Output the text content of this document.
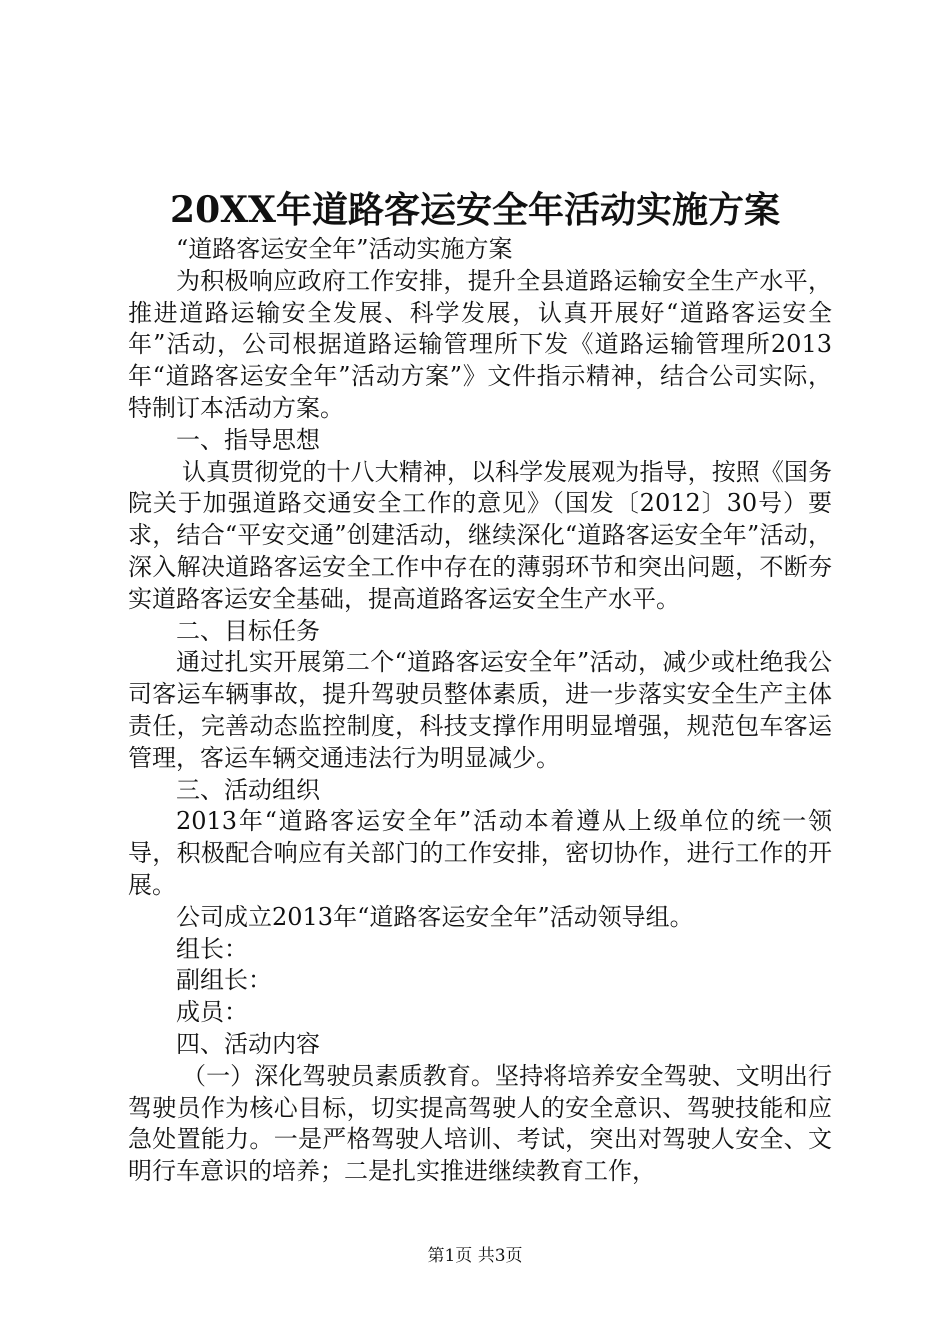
20XX年道路客运安全年活动实施方案

“道路客运安全年”活动实施方案

为积极响应政府工作安排，提升全县道路运输安全生产水平，推进道路运输安全发展、科学发展，认真开展好“道路客运安全年”活动，公司根据道路运输管理所下发《道路运输管理所2013年“道路客运安全年”活动方案”》文件指示精神，结合公司实际，特制订本活动方案。

一、指导思想

认真贯彻党的十八大精神，以科学发展观为指导，按照《国务院关于加强道路交通安全工作的意见》（国发〔2012〕30号）要求，结合“平安交通”创建活动，继续深化“道路客运安全年”活动，深入解决道路客运安全工作中存在的薄弱环节和突出问题，不断夯实道路客运安全基础，提高道路客运安全生产水平。

二、目标任务

通过扎实开展第二个“道路客运安全年”活动，减少或杜绝我公司客运车辆事故，提升驾驶员整体素质，进一步落实安全生产主体责任，完善动态监控制度，科技支撑作用明显增强，规范包车客运管理，客运车辆交通违法行为明显减少。

三、活动组织

2013年“道路客运安全年”活动本着遵从上级单位的统一领导，积极配合响应有关部门的工作安排，密切协作，进行工作的开展。

公司成立2013年“道路客运安全年”活动领导组。

组长：

副组长：

成员：

四、活动内容

（一）深化驾驶员素质教育。坚持将培养安全驾驶、文明出行驾驶员作为核心目标，切实提高驾驶人的安全意识、驾驶技能和应急处置能力。一是严格驾驶人培训、考试，突出对驾驶人安全、文明行车意识的培养；二是扎实推进继续教育工作，

第1页 共3页
